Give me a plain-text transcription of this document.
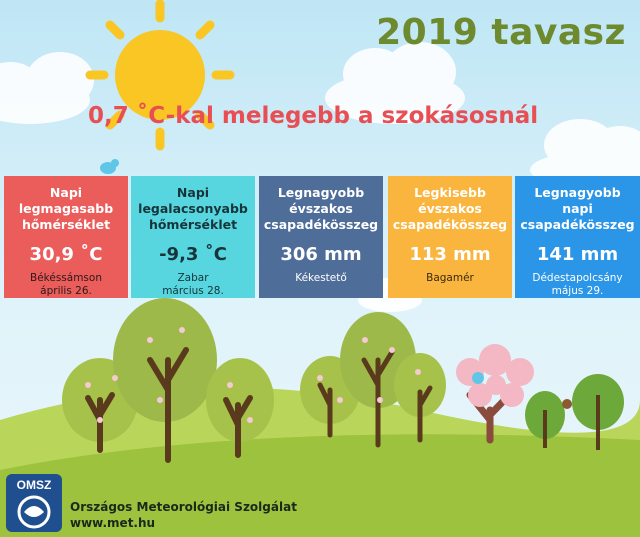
2019 tavasz
0,7 ˚C-kal melegebb a szokásosnál
Napi legmagasabb hőmérséklet
30,9 ˚C
Békéssámson
április 26.
Napi legalacsonyabb hőmérséklet
-9,3 ˚C
Zabar
március 28.
Legnagyobb évszakos csapadékösszeg
306 mm
Kékestető
Legkisebb évszakos csapadékösszeg
113 mm
Bagamér
Legnagyobb napi csapadékösszeg
141 mm
Dédestapolcsány
május 29.
OMSZ

Országos Meteorológiai Szolgálat

www.met.hu
